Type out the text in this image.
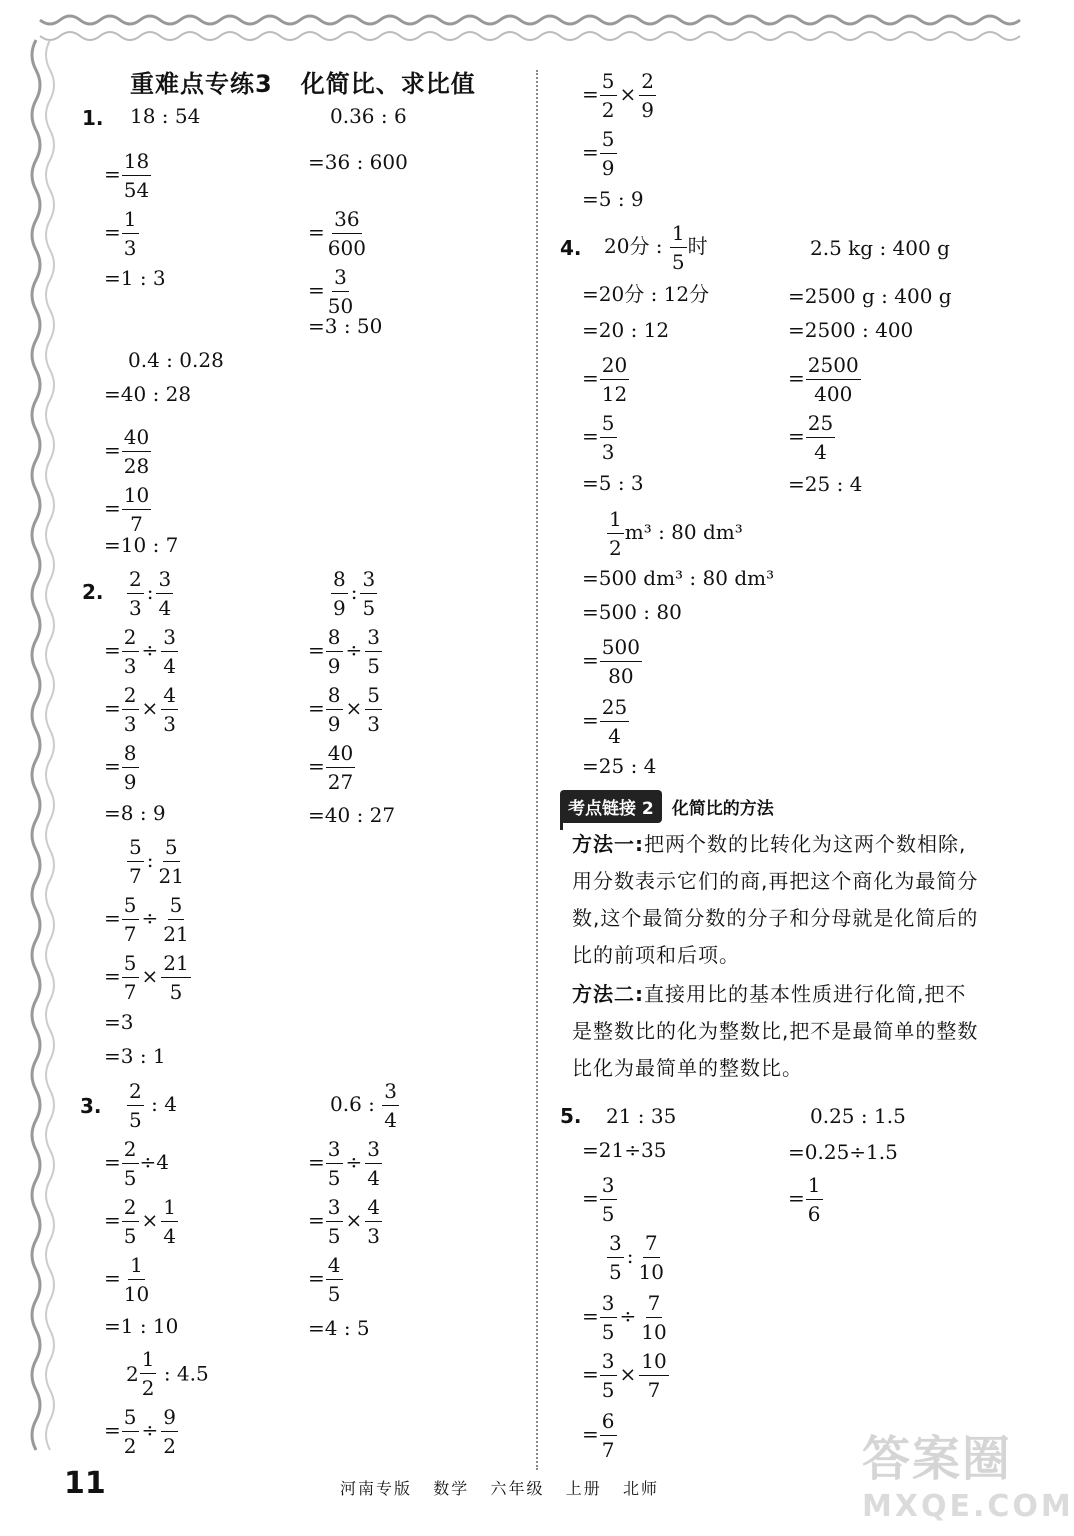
重难点专练3   化简比、求比值
1. 18 : 54
= $\frac{18}{54}$
= $\frac{1}{3}$
=1 : 3
0.36 : 6
=36 : 600
= $\frac{36}{600}$
= $\frac{3}{50}$
=3 : 50
0.4 : 0.28
=40 : 28
= $\frac{40}{28}$
= $\frac{10}{7}$
=10 : 7
2. $\frac{2}{3}$ : $\frac{3}{4}$
= $\frac{2}{3} \div \frac{3}{4}$
= $\frac{2}{3} \times \frac{4}{3}$
= $\frac{8}{9}$
=8 : 9
$\frac{8}{9}$ : $\frac{3}{5}$
= $\frac{8}{9} \div \frac{3}{5}$
= $\frac{8}{9} \times \frac{5}{3}$
= $\frac{40}{27}$
=40 : 27
$\frac{5}{7}$ : $\frac{5}{21}$
= $\frac{5}{7} \div \frac{5}{21}$
= $\frac{5}{7} \times \frac{21}{5}$
=3
=3 : 1
3. $\frac{2}{5}$ : 4
= $\frac{2}{5} \div 4$
= $\frac{2}{5} \times \frac{1}{4}$
= $\frac{1}{10}$
=1 : 10
0.6 : $\frac{3}{4}$
= $\frac{3}{5} \div \frac{3}{4}$
= $\frac{3}{5} \times \frac{4}{3}$
= $\frac{4}{5}$
=4 : 5
2
1
2
: 4.5
= $\frac{5}{2} \div \frac{9}{2}$
= $\frac{5}{2} \times \frac{2}{9}$
= $\frac{5}{9}$
=5 : 9
4. 20分 : $\frac{1}{5}$ 时
=20分 : 12分
=20 : 12
= $\frac{20}{12}$
= $\frac{5}{3}$
=5 : 3
2.5 kg : 400 g
=2500 g : 400 g
=2500 : 400
= $\frac{2500}{400}$
= $\frac{25}{4}$
=25 : 4
$\frac{1}{2} m^3$ : 80 dm³
=500 dm³ : 80 dm³
=500 : 80
= $\frac{500}{80}$
= $\frac{25}{4}$
=25 : 4
考点链接 2	化简比的方法
方法一:把两个数的比转化为这两个数相除,用分数表示它们的商,再把这个商化为最简分数,这个最简分数的分子和分母就是化简后的比的前项和后项。
方法二:直接用比的基本性质进行化简,把不是整数比的化为整数比,把不是最简单的整数比化为最简单的整数比。
5. 21 : 35
=21÷35
= $\frac{3}{5}$
$\frac{3}{5}$ : $\frac{7}{10}$
= $\frac{3}{5} \div \frac{7}{10}$
= $\frac{3}{5} \times \frac{10}{7}$
= $\frac{6}{7}$
0.25 : 1.5
=0.25÷1.5
= $\frac{1}{6}$
11	河南专版   数学   六年级   上册   北师
答案圈
MXQE.COM
